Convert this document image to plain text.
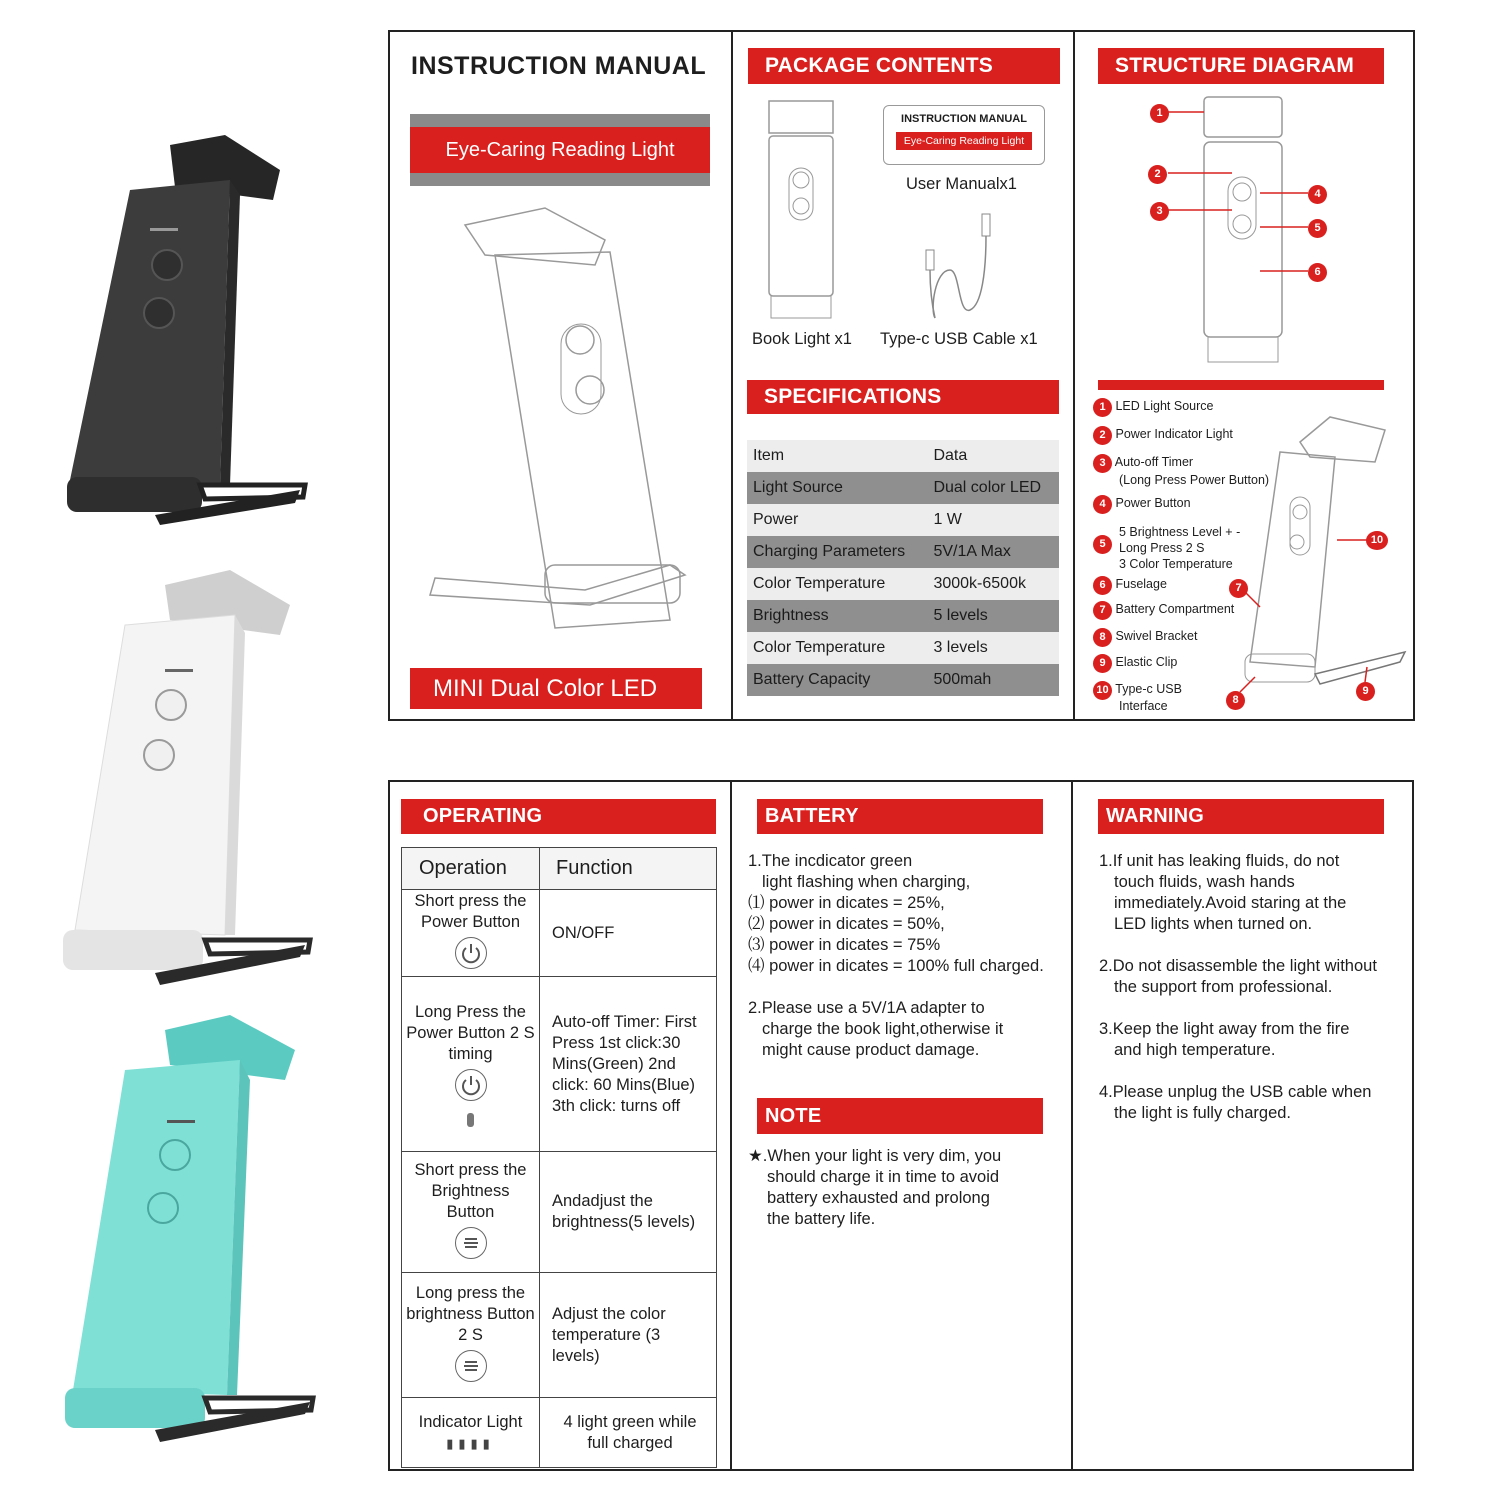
INSTRUCTION MANUAL
Eye-Caring Reading Light
MINI Dual Color LED
PACKAGE CONTENTS
INSTRUCTION MANUAL
Eye-Caring Reading Light
User Manualx1
Book Light x1 Type-c USB Cable x1
SPECIFICATIONS
Item	Data
Light Source	Dual color LED
Power	1 W
Charging Parameters	5V/1A Max
Color Temperature	3000k-6500k
Brightness	5 levels
Color Temperature	3 levels
Battery Capacity	500mah
STRUCTURE DIAGRAM
1
2
3
4
5
6
1 LED Light Source
2 Power Indicator Light
3 Auto-off Timer
(Long Press Power Button)
4 Power Button
5 Brightness Level + -
5	Long Press 2 S
3 Color Temperature
6 Fuselage
7 Battery Compartment
8 Swivel Bracket
9 Elastic Clip
10 Type-c USB
Interface
7
8
9
10
OPERATING
Operation	Function

Short press the Power Button	ON/OFF

Long Press the Power Button 2 S timing	Auto-off Timer: First Press 1st click:30 Mins(Green) 2nd click: 60 Mins(Blue) 3th click: turns off

Short press the Brightness Button	Andadjust the brightness(5 levels)

Long press the brightness Button 2 S	Adjust the color temperature (3 levels)

Indicator Light
▮▮▮▮	4 light green while full charged
BATTERY
1.The incdicator green
light flashing when charging,
⑴ power in dicates = 25%,
⑵ power in dicates = 50%,
⑶ power in dicates = 75%
⑷ power in dicates = 100% full charged.
2.Please use a 5V/1A adapter to
charge the book light,otherwise it
might cause product damage.
NOTE
★.When your light is very dim, you
should charge it in time to avoid
battery exhausted and prolong
the battery life.
WARNING
1.If unit has leaking fluids, do not
touch fluids, wash hands
immediately.Avoid staring at the
LED lights when turned on.
2.Do not disassemble the light without
the support from professional.
3.Keep the light away from the fire
and high temperature.
4.Please unplug the USB cable when
the light is fully charged.
